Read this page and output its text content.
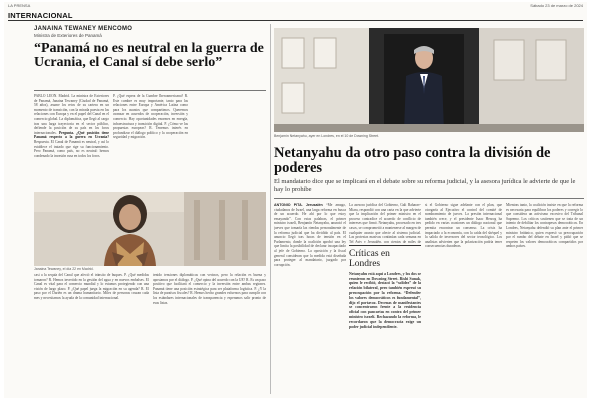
LA PRENSA	Sábado 23 de marzo de 2024
INTERNACIONAL
JANAINA TEWANEY MENCOMO
Ministra de Exteriores de Panamá
“Panamá no es neutral en la guerra de Ucrania, el Canal sí debe serlo”
PABLO LEÓN. Madrid. La ministra de Exteriores de Panamá, Janaina Tewaney (Ciudad de Panamá, 58 años), asume los retos de su cartera en un momento de transición, con la mirada puesta en las relaciones con Europa y en el papel del Canal en el comercio global. La diplomática, que llegó al cargo tras una larga trayectoria en el sector público, defiende la posición de su país en los foros internacionales. Pregunta. ¿Qué posición tiene Panamá respecto a la guerra en Ucrania? Respuesta. El Canal de Panamá es neutral, y así lo establece el tratado que rige su funcionamiento. Pero Panamá, como país, no es neutral: hemos condenado la invasión rusa en todos los foros.
P. ¿Qué espera de la Cumbre Iberoamericana? R. Este cumbre es muy importante, tanto para las relaciones entre Europa y América Latina como para los asuntos que compartimos. Queremos avanzar en acuerdos de cooperación, inversión y comercio. Hay oportunidades enormes en energía, infraestructura y transición digital. P. ¿Cómo ve las propuestas europeas? R. Tenemos interés en profundizar el diálogo político y la cooperación en seguridad y migración.
Janaina Tewaney, el día 22 en Madrid.
casi a la sequía del Canal que afectó el tránsito de buques. P. ¿Qué medidas tomaron? R. Hemos invertido en la gestión del agua y en nuevos embalses. El Canal es vital para el comercio mundial y lo estamos protegiendo con una visión de largo plazo. P. ¿Qué papel juega la migración en su agenda? R. El paso por el Darién es un drama humanitario. Miles de personas cruzan cada mes y necesitamos la ayuda de la comunidad internacional.
tenido tensiones diplomáticas con vecinos, pero la relación es buena y apostamos por el diálogo. P. ¿Qué opina del acuerdo con la UE? R. Es un paso positivo que facilitará el comercio y la inversión entre ambas regiones. Panamá tiene una posición estratégica para ser plataforma logística. P. ¿Y la lista de paraísos fiscales? R. Hemos hecho grandes esfuerzos para cumplir con los estándares internacionales de transparencia y esperamos salir pronto de esas listas.
Benjamín Netanyahu, ayer en Londres, en el 10 de Downing Street.
Netanyahu da otro paso contra la división de poderes
El mandatario dice que se implicará en el debate sobre su reforma judicial, y la asesora jurídica le advierte de que le hay lo prohíbe
ANTONIO PITA. Jerusalén “Me amago, ciudadanos de Israel, una larga reforma en busca de un acuerdo. He ahí por lo que estoy ensayando”. Con estas palabras, el primer ministro israelí, Benjamín Netanyahu, anunció el jueves que tomaría las riendas personalmente de la reforma judicial que ha dividido al país. El anuncio llegó tras horas de tensión en el Parlamento, donde la coalición aprobó una ley que limita la posibilidad de declarar incapacitado al jefe de Gobierno. La oposición y la fiscal general consideran que la medida está diseñada para proteger al mandatario, juzgado por corrupción.
La asesora jurídica del Gobierno, Gali Baharav-Miara, respondió con una carta en la que advierte que la implicación del primer ministro en el proceso contradice el acuerdo de conflicto de intereses que firmó. Netanyahu, procesado en tres casos, se comprometió a mantenerse al margen de cualquier asunto que afecte al sistema judicial. Las protestas masivas continúan cada semana en Tel Aviv y Jerusalén, con cientos de miles de
Críticas en Londres
Netanyahu está aquí a Londres, y los dos se reunieron en Downing Street. Rishi Sunak, quien le recibió, destacó la “solidez” de la relación bilateral, pero también expresó su preocupación por la reforma. “Defender los valores democráticos es fundamental”, dijo el portavoz. Decenas de manifestantes se concentraron frente a la residencia oficial con pancartas en contra del primer ministro israelí. Rechazando la reforma, le recordaron que la democracia exige un poder judicial independiente.
si el Gobierno sigue adelante con el plan, que otorgaría al Ejecutivo el control del comité de nombramiento de jueces. La presión internacional también crece, y el presidente Isaac Herzog ha pedido en varias ocasiones un diálogo nacional que permita encontrar un consenso. La crisis ha impactado a la economía, con la caída del shéquel y la salida de inversores del sector tecnológico. Los analistas advierten que la polarización podría tener consecuencias duraderas.
Mientras tanto, la coalición insiste en que la reforma es necesaria para equilibrar los poderes y corregir lo que considera un activismo excesivo del Tribunal Supremo. Los críticos sostienen que se trata de un intento de debilitar los contrapesos democráticos. En Londres, Netanyahu defendió su plan ante el primer ministro británico, quien expresó su preocupación por el rumbo del debate en Israel y pidió que se respeten los valores democráticos compartidos por ambos países.
